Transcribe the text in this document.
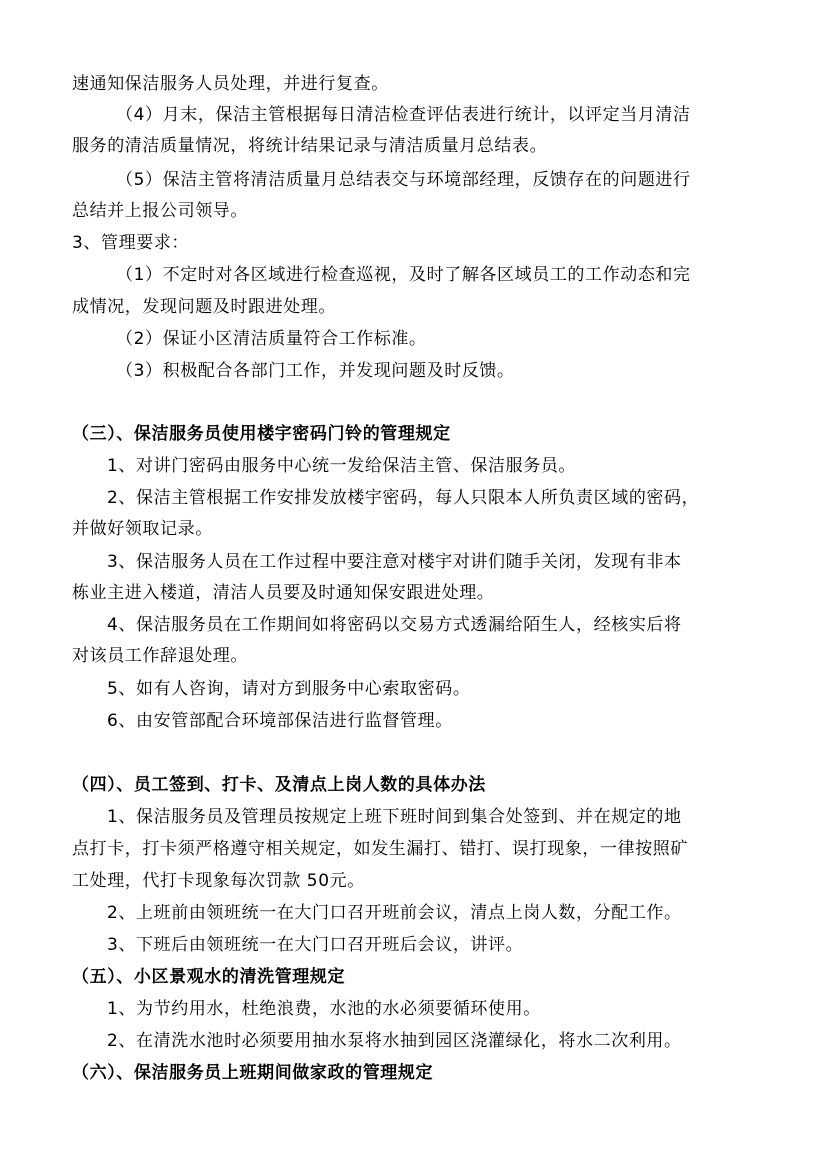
速通知保洁服务人员处理，并进行复查。
（4）月末，保洁主管根据每日清洁检查评估表进行统计，以评定当月清洁
服务的清洁质量情况，将统计结果记录与清洁质量月总结表。
（5）保洁主管将清洁质量月总结表交与环境部经理，反馈存在的问题进行
总结并上报公司领导。
3、管理要求：
（1）不定时对各区域进行检查巡视，及时了解各区域员工的工作动态和完
成情况，发现问题及时跟进处理。
（2）保证小区清洁质量符合工作标准。
（3）积极配合各部门工作，并发现问题及时反馈。
（三）、保洁服务员使用楼宇密码门铃的管理规定
1、对讲门密码由服务中心统一发给保洁主管、保洁服务员。
2、保洁主管根据工作安排发放楼宇密码，每人只限本人所负责区域的密码，
并做好领取记录。
3、保洁服务人员在工作过程中要注意对楼宇对讲们随手关闭，发现有非本
栋业主进入楼道，清洁人员要及时通知保安跟进处理。
4、保洁服务员在工作期间如将密码以交易方式透漏给陌生人，经核实后将
对该员工作辞退处理。
5、如有人咨询，请对方到服务中心索取密码。
6、由安管部配合环境部保洁进行监督管理。
（四）、员工签到、打卡、及清点上岗人数的具体办法
1、保洁服务员及管理员按规定上班下班时间到集合处签到、并在规定的地
点打卡，打卡须严格遵守相关规定，如发生漏打、错打、误打现象，一律按照矿
工处理，代打卡现象每次罚款 50元。
2、上班前由领班统一在大门口召开班前会议，清点上岗人数，分配工作。
3、下班后由领班统一在大门口召开班后会议，讲评。
（五）、小区景观水的清洗管理规定
1、为节约用水，杜绝浪费，水池的水必须要循环使用。
2、在清洗水池时必须要用抽水泵将水抽到园区浇灌绿化，将水二次利用。
（六）、保洁服务员上班期间做家政的管理规定
